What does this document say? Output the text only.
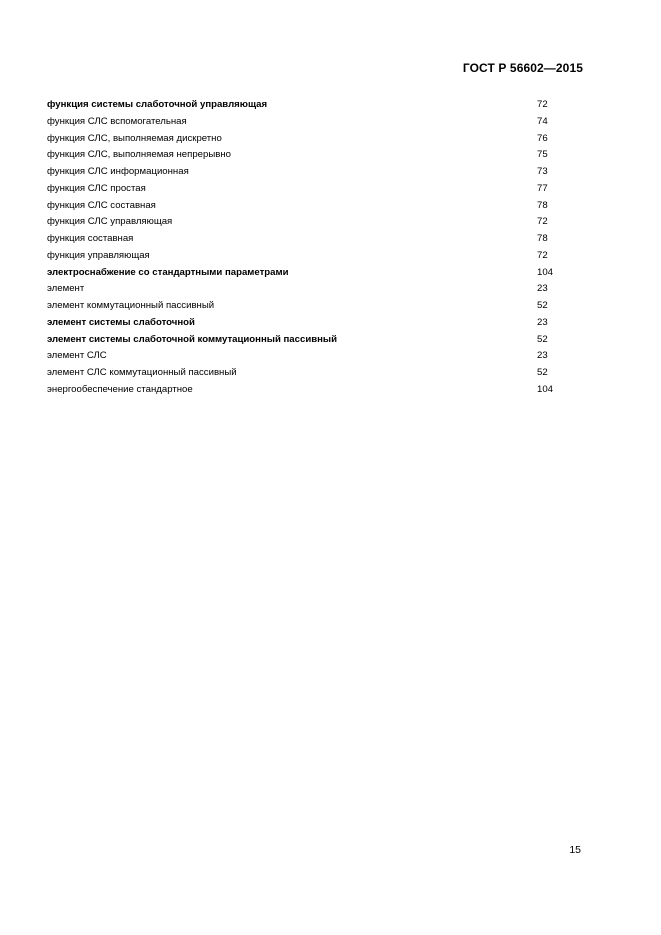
ГОСТ Р 56602—2015
функция системы слаботочной управляющая	72
функция СЛС вспомогательная	74
функция СЛС, выполняемая дискретно	76
функция СЛС, выполняемая непрерывно	75
функция СЛС информационная	73
функция СЛС простая	77
функция СЛС составная	78
функция СЛС управляющая	72
функция составная	78
функция управляющая	72
электроснабжение со стандартными параметрами	104
элемент	23
элемент коммутационный пассивный	52
элемент системы слаботочной	23
элемент системы слаботочной коммутационный пассивный	52
элемент СЛС	23
элемент СЛС коммутационный пассивный	52
энергообеспечение стандартное	104
15
